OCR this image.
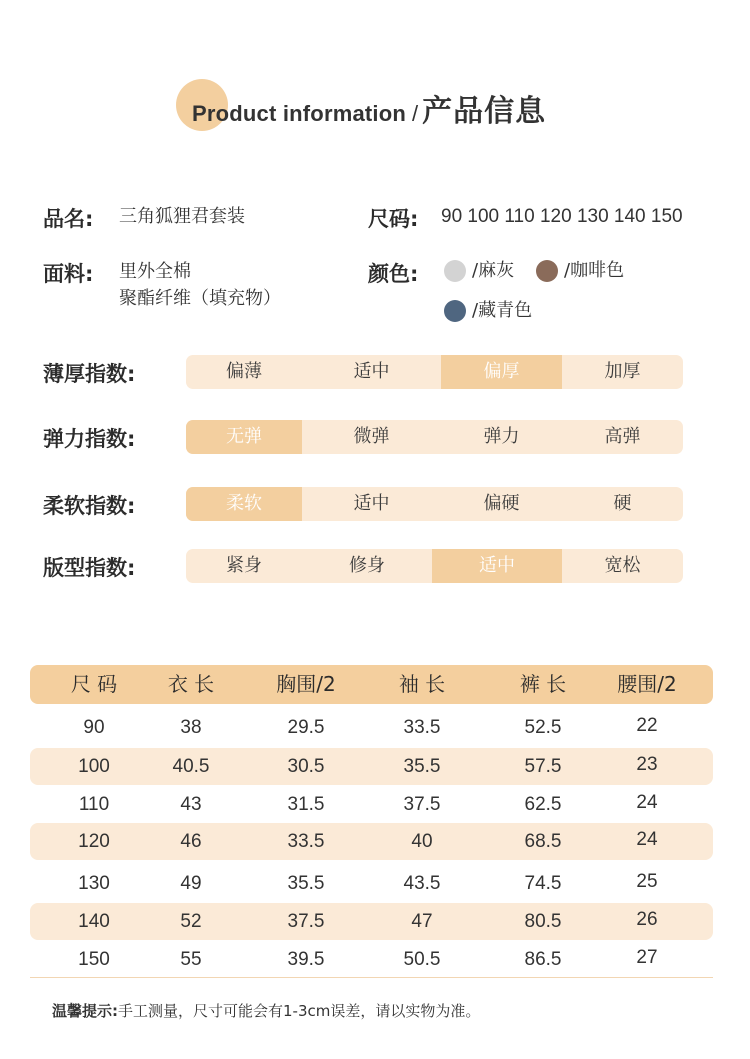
Product information / 产品信息
品名: 三角狐狸君套装	尺码: 90 100 110 120 130 140 150
面料: 里外全棉
聚酯纤维（填充物）
颜色:	/麻灰	/咖啡色
/藏青色
薄厚指数:	偏薄	适中	偏厚	加厚
弹力指数:	无弹	微弹	弹力	高弹
柔软指数:	柔软	适中	偏硬	硬
版型指数:	紧身	修身	适中	宽松
尺 码	衣 长	胸围/2	袖 长	裤 长	腰围/2
90	38	29.5	33.5	52.5	22
100	40.5	30.5	35.5	57.5	23
110	43	31.5	37.5	62.5	24
120	46	33.5	40	68.5	24
130	49	35.5	43.5	74.5	25
140	52	37.5	47	80.5	26
150	55	39.5	50.5	86.5	27
温馨提示:手工测量，尺寸可能会有1-3cm误差，请以实物为准。
